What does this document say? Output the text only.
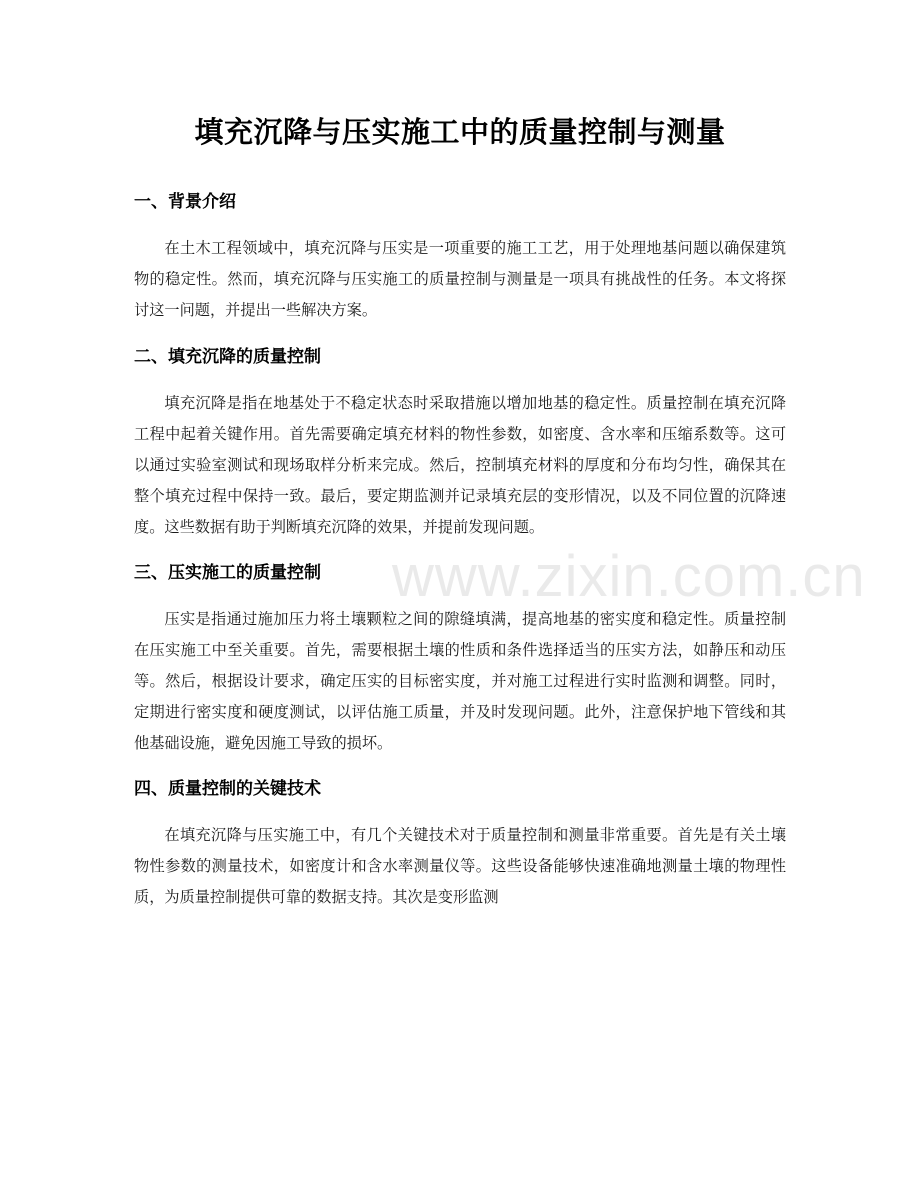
填充沉降与压实施工中的质量控制与测量
一、背景介绍

在土木工程领域中，填充沉降与压实是一项重要的施工工艺，用于处理地基问题以确保建筑物的稳定性。然而，填充沉降与压实施工的质量控制与测量是一项具有挑战性的任务。本文将探讨这一问题，并提出一些解决方案。

二、填充沉降的质量控制

填充沉降是指在地基处于不稳定状态时采取措施以增加地基的稳定性。质量控制在填充沉降工程中起着关键作用。首先需要确定填充材料的物性参数，如密度、含水率和压缩系数等。这可以通过实验室测试和现场取样分析来完成。然后，控制填充材料的厚度和分布均匀性，确保其在整个填充过程中保持一致。最后，要定期监测并记录填充层的变形情况，以及不同位置的沉降速度。这些数据有助于判断填充沉降的效果，并提前发现问题。

三、压实施工的质量控制

压实是指通过施加压力将土壤颗粒之间的隙缝填满，提高地基的密实度和稳定性。质量控制在压实施工中至关重要。首先，需要根据土壤的性质和条件选择适当的压实方法，如静压和动压等。然后，根据设计要求，确定压实的目标密实度，并对施工过程进行实时监测和调整。同时，定期进行密实度和硬度测试，以评估施工质量，并及时发现问题。此外，注意保护地下管线和其他基础设施，避免因施工导致的损坏。

四、质量控制的关键技术

在填充沉降与压实施工中，有几个关键技术对于质量控制和测量非常重要。首先是有关土壤物性参数的测量技术，如密度计和含水率测量仪等。这些设备能够快速准确地测量土壤的物理性质，为质量控制提供可靠的数据支持。其次是变形监测

www.zixin.com.cn
